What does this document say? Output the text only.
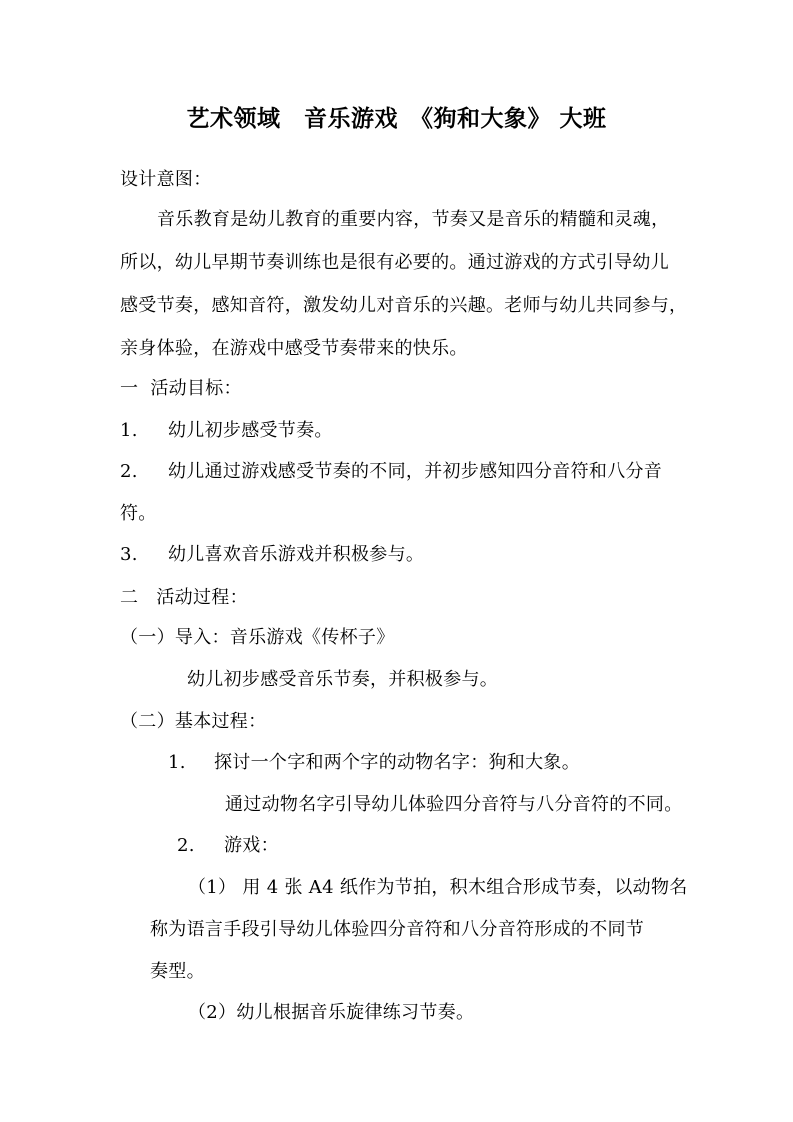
艺术领域　音乐游戏　《狗和大象》 大班
设计意图：
音乐教育是幼儿教育的重要内容，节奏又是音乐的精髓和灵魂，
所以，幼儿早期节奏训练也是很有必要的。通过游戏的方式引导幼儿
感受节奏，感知音符，激发幼儿对音乐的兴趣。老师与幼儿共同参与，
亲身体验，在游戏中感受节奏带来的快乐。
一  活动目标：
1. 幼儿初步感受节奏。
2. 幼儿通过游戏感受节奏的不同，并初步感知四分音符和八分音
符。
3. 幼儿喜欢音乐游戏并积极参与。
二   活动过程：
（一）导入：音乐游戏《传杯子》
幼儿初步感受音乐节奏，并积极参与。
（二）基本过程：
1. 探讨一个字和两个字的动物名字：狗和大象。
通过动物名字引导幼儿体验四分音符与八分音符的不同。
2. 游戏：
（1） 用 4 张 A4 纸作为节拍，积木组合形成节奏，以动物名
称为语言手段引导幼儿体验四分音符和八分音符形成的不同节
奏型。
（2）幼儿根据音乐旋律练习节奏。
